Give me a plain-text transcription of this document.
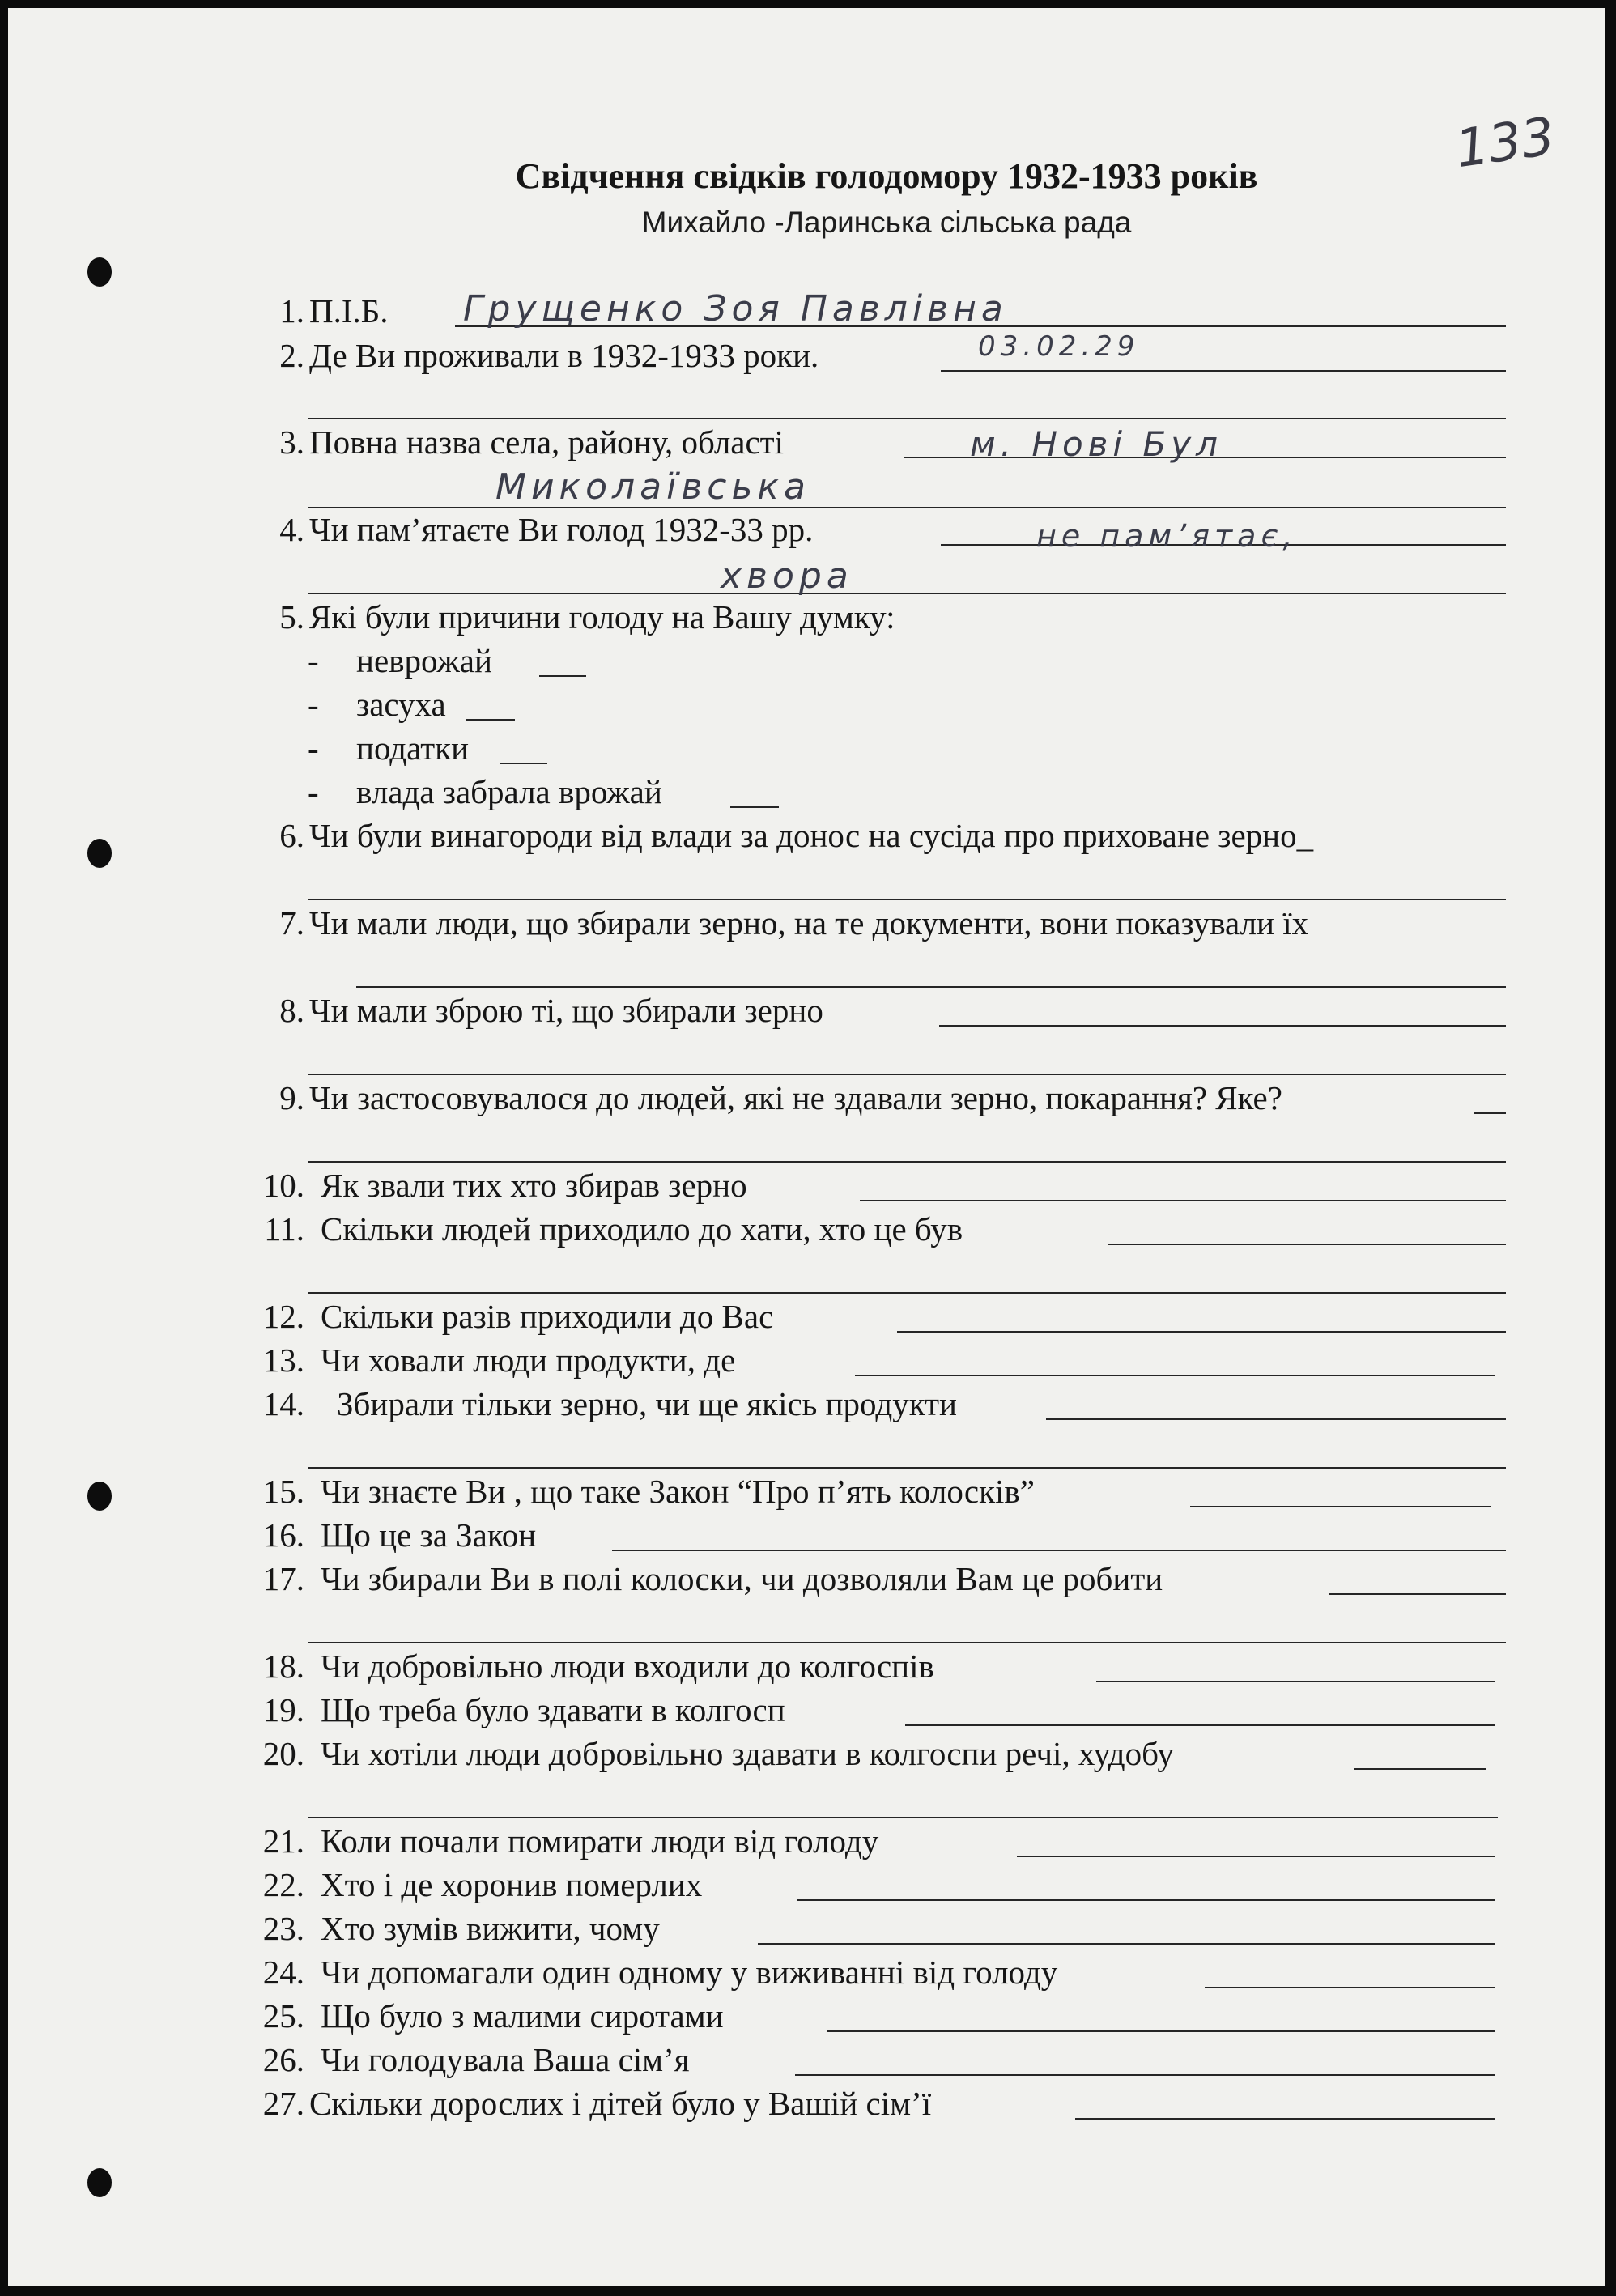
133
Свідчення свідків голодомору 1932-1933 років
Михайло -Ларинська сільська рада
1. П.І.Б. Грущенко Зоя Павлівна
2. Де Ви проживали в 1932-1933 роки.	03.02.29
3. Повна назва села, району, області	м. Нові Бул
Миколаївська
4. Чи пам’ятаєте Ви голод 1932-33 рр.	не пам’ятає,
хвора
5. Які були причини голоду на Вашу думку:
- неврожай
- засуха
- податки
- влада забрала врожай
6. Чи були винагороди від влади за донос на сусіда про приховане зерно_
7. Чи мали люди, що збирали зерно, на те документи, вони показували їх
8. Чи мали зброю ті, що збирали зерно
9. Чи застосовувалося до людей, які не здавали зерно, покарання? Яке?
10. Як звали тих хто збирав зерно
11. Скільки людей приходило до хати, хто це був
12. Скільки разів приходили до Вас
13. Чи ховали люди продукти, де
14. Збирали тільки зерно, чи ще якісь продукти
15. Чи знаєте Ви , що таке Закон “Про п’ять колосків”
16. Що це за Закон
17. Чи збирали Ви в полі колоски, чи дозволяли Вам це робити
18. Чи добровільно люди входили до колгоспів
19. Що треба було здавати в колгосп
20. Чи хотіли люди добровільно здавати в колгоспи речі, худобу
21. Коли почали помирати люди від голоду
22. Хто і де хоронив померлих
23. Хто зумів вижити, чому
24. Чи допомагали один одному у виживанні від голоду
25. Що було з малими сиротами
26. Чи голодувала Ваша сім’я
27. Скільки дорослих і дітей було у Вашій сім’ї
